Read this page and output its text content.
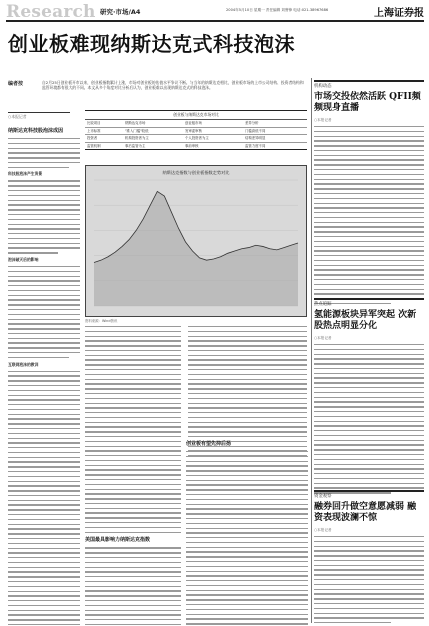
Research 研究·市场/A4	2004年5月10日 星期一 责任编辑 刘鲁锋 电话:021-38967686	上海证券报
创业板难现纳斯达克式科技泡沫
编者按	自2月25日创业板开市以来，创业板指数累计上涨，市场对创业板的估值水平争议不断。与当年的纳斯达克相比，创业板市场的上市公司结构、投资者结构和监管环境都有很大的不同。本文从多个角度对比分析后认为，创业板难以出现纳斯达克式的科技泡沫。
○本报记者
纳斯达克科技股泡沫成因
科技股泡沫产生背景
泡沫破灭后的影响
互联网泡沫的教训
创业板与纳斯达克市场对比
比较项目	纳斯达克市场	创业板市场	差异分析
上市标准	"准入门槛"较低	发审委审核	门槛高低不同
投资者	机构投资者为主	个人投资者为主	结构差异明显
监管机制	事后监管为主	事前审核	监管力度不同
纳斯达克指数与创业板指数走势对比
资料来源：Wind资讯
美国最具影响力纳斯达克指数
创业板有望先抑后扬
机构动态
市场交投依然活跃 QFII频频现身直播
○本报记者
热点追踪
氢能源板块异军突起 次新股热点明显分化
○本报记者
资金观察
融券回升做空意愿减弱 融资表现波澜不惊
○本报记者
